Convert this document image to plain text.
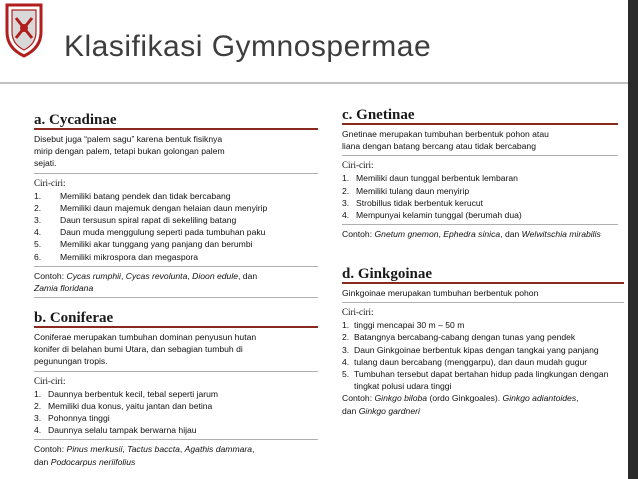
Klasifikasi Gymnospermae
a. Cycadinae

Disebut juga “palem sagu” karena bentuk fisiknya
mirip dengan palem, tetapi bukan golongan palem
sejati.

Ciri-ciri:
1.	Memiliki batang pendek dan tidak bercabang
2.	Memiliki daun majemuk dengan helaian daun menyirip
3.	Daun tersusun spiral rapat di sekeliling batang
4.	Daun muda menggulung seperti pada tumbuhan paku
5.	Memiliki akar tunggang yang panjang dan berumbi
6.	Memiliki mikrospora dan megaspora

Contoh: Cycas rumphii, Cycas revolunta, Dioon edule, dan
Zamia floridana

b. Coniferae

Coniferae merupakan tumbuhan dominan penyusun hutan
konifer di belahan bumi Utara, dan sebagian tumbuh di
pegunungan tropis.

Ciri-ciri:
1. Daunnya berbentuk kecil, tebal seperti jarum
2. Memiliki dua konus, yaitu jantan dan betina
3. Pohonnya tinggi
4. Daunnya selalu tampak berwarna hijau

Contoh: Pinus merkusii, Tactus baccta, Agathis dammara,
dan Podocarpus neriifolius

c. Gnetinae

Gnetinae merupakan tumbuhan berbentuk pohon atau
liana dengan batang bercang atau tidak bercabang

Ciri-ciri:
1. Memiliki daun tunggal berbentuk lembaran
2. Memiliki tulang daun menyirip
3. Strobillus tidak berbentuk kerucut
4. Mempunyai kelamin tunggal (berumah dua)

Contoh: Gnetum gnemon, Ephedra sinica, dan Welwitschia mirabilis

d. Ginkgoinae

Ginkgoinae merupakan tumbuhan berbentuk pohon

Ciri-ciri:
1. tinggi mencapai 30 m – 50 m
2. Batangnya bercabang-cabang dengan tunas yang pendek
3. Daun Ginkgoinae berbentuk kipas dengan tangkai yang panjang
4. tulang daun bercabang (menggarpu), dan daun mudah gugur
5. Tumbuhan tersebut dapat bertahan hidup pada lingkungan dengan tingkat polusi udara tinggi

Contoh: Ginkgo biloba (ordo Ginkgoales). Ginkgo adiantoides,
dan Ginkgo gardneri
